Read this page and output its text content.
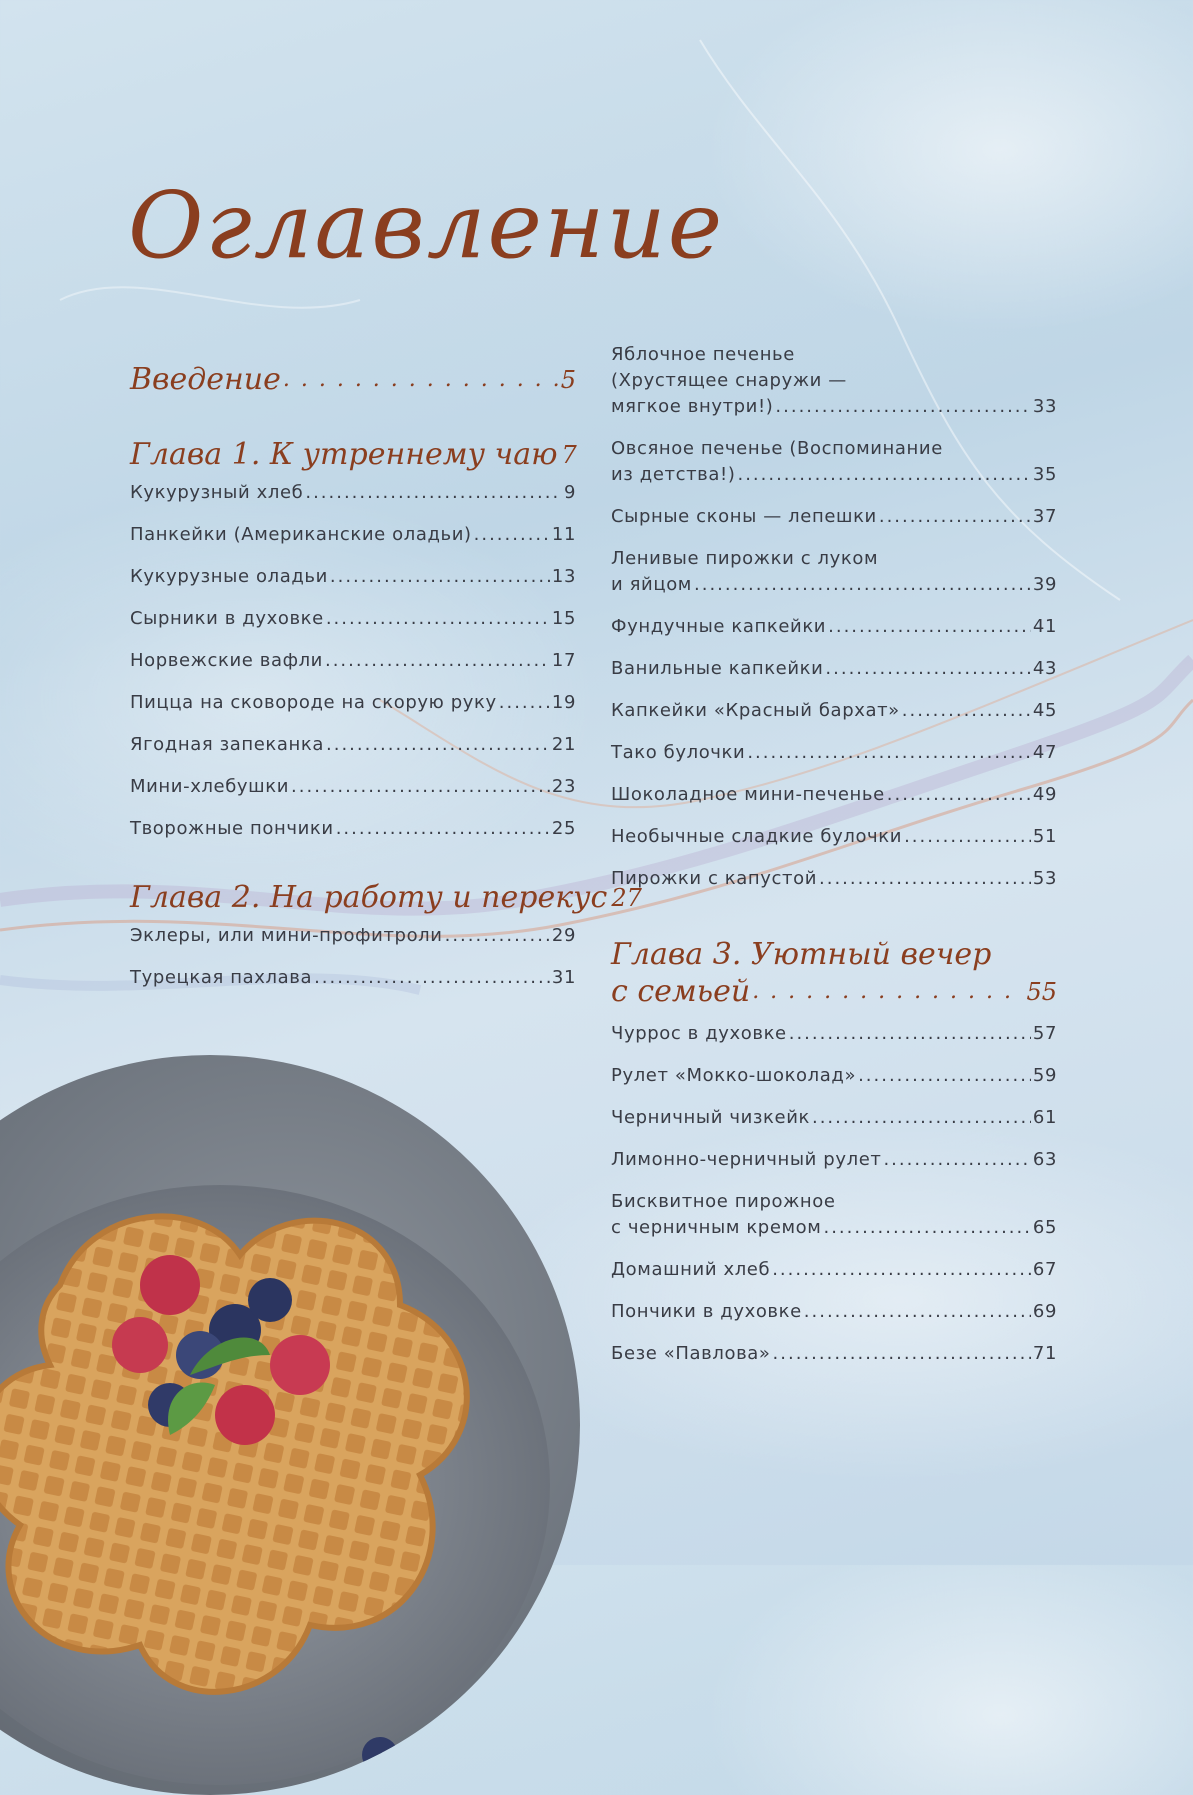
Оглавление
Введение . . .	5
Глава 1. К утреннему чаю 7
Кукурузный хлеб .....	9
Панкейки (Американские оладьи) .....	11
Кукурузные оладьи .....	13
Сырники в духовке .....	15
Норвежские вафли .....	17
Пицца на сковороде на скорую руку .....	19
Ягодная запеканка .....	21
Мини-хлебушки .....	23
Творожные пончики .....	25
Глава 2. На работу и перекус 27
Эклеры, или мини-профитроли .....	29
Турецкая пахлава .....	31
Яблочное печенье
(Хрустящее снаружи —
мягкое внутри!) .....	33
Овсяное печенье (Воспоминание
из детства!) .....	35
Сырные сконы — лепешки .....	37
Ленивые пирожки с луком
и яйцом .....	39
Фундучные капкейки .....	41
Ванильные капкейки .....	43
Капкейки «Красный бархат» .....	45
Тако булочки .....	47
Шоколадное мини-печенье .....	49
Необычные сладкие булочки .....	51
Пирожки с капустой .....	53
Глава 3. Уютный вечер
с семьей . . .	55
Чуррос в духовке .....	57
Рулет «Мокко-шоколад» .....	59
Черничный чизкейк .....	61
Лимонно-черничный рулет .....	63
Бисквитное пирожное
с черничным кремом .....	65
Домашний хлеб .....	67
Пончики в духовке .....	69
Безе «Павлова» .....	71
